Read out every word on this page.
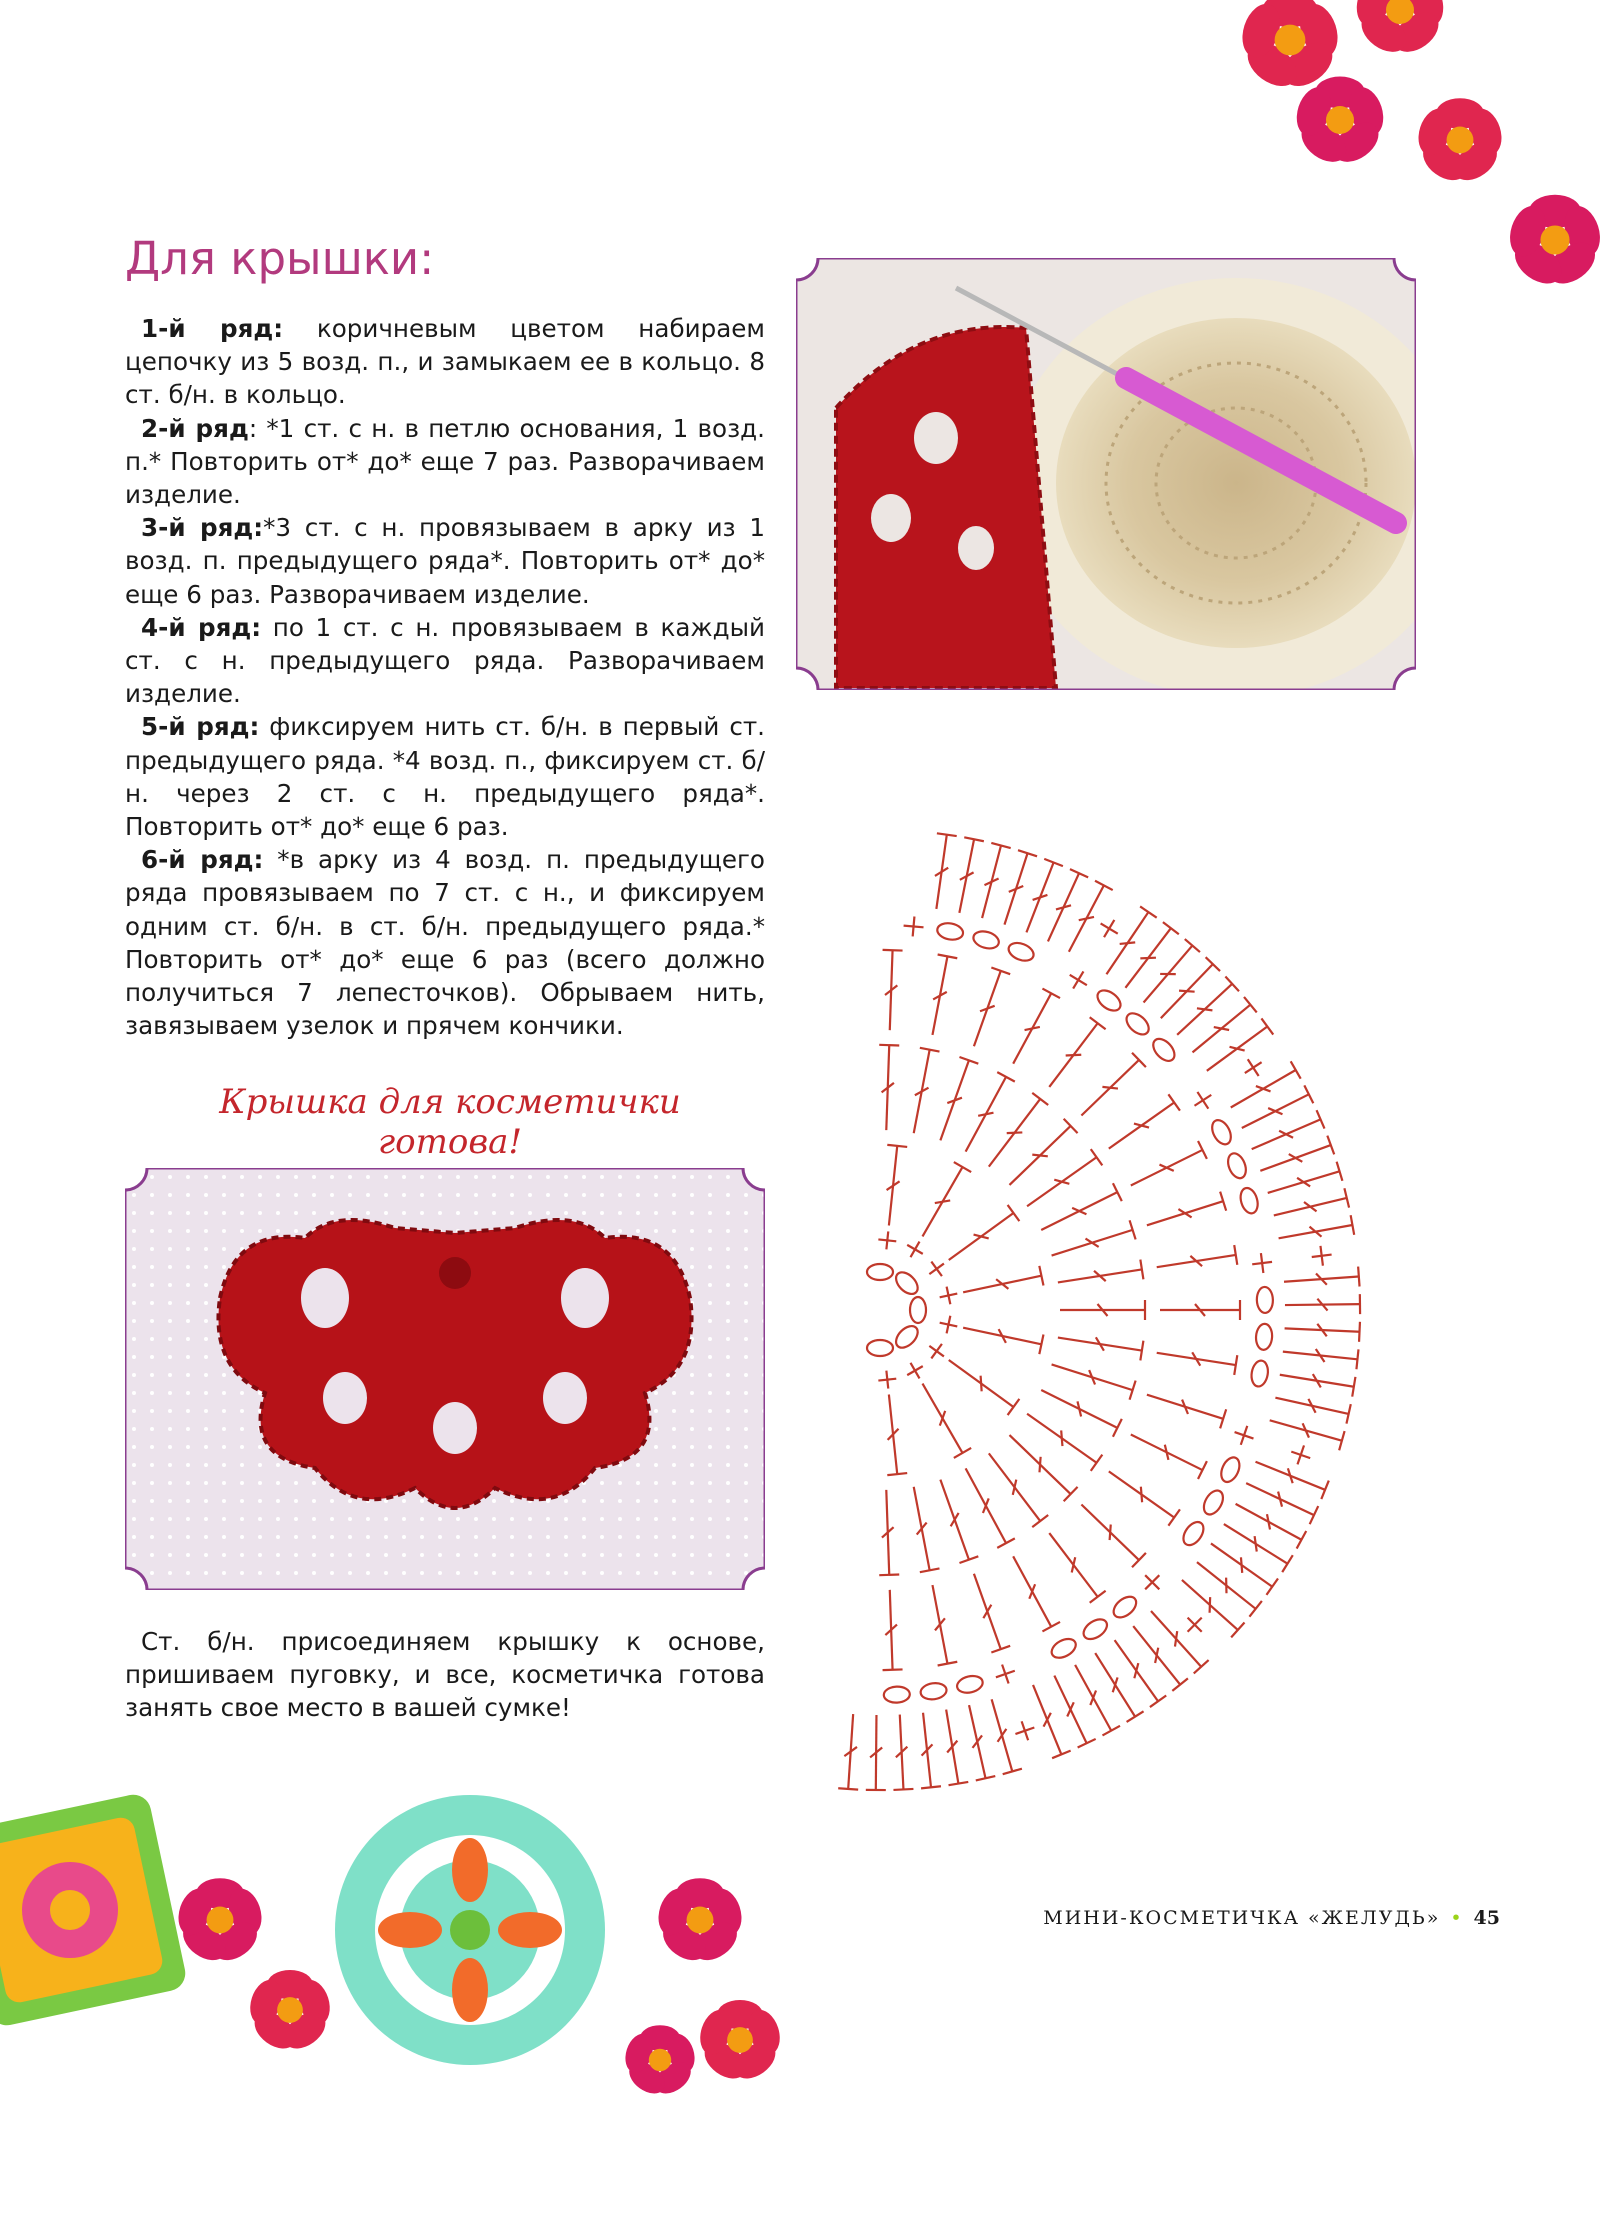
Для крышки:

1-й ряд: коричневым цветом набираем цепочку из 5 возд. п., и замыкаем ее в кольцо. 8 ст. б/н. в кольцо.

2-й ряд: *1 ст. с н. в петлю основания, 1 возд. п.* Повторить от* до* еще 7 раз. Разворачиваем изделие.

3-й ряд:*3 ст. с н. провязываем в арку из 1 возд. п. предыдущего ряда*. Повторить от* до* еще 6 раз. Разворачиваем изделие.

4-й ряд: по 1 ст. с н. провязываем в каждый ст. с н. предыдущего ряда. Разворачиваем изделие.

5-й ряд: фиксируем нить ст. б/н. в первый ст. предыдущего ряда. *4 возд. п., фиксируем ст. б/н. через 2 ст. с н. предыдущего ряда*. Повторить от* до* еще 6 раз.

6-й ряд: *в арку из 4 возд. п. предыдущего ряда провязываем по 7 ст. с н., и фиксируем одним ст. б/н. в ст. б/н. предыдущего ряда.* Повторить от* до* еще 6 раз (всего должно получиться 7 лепесточков). Обрываем нить, завязываем узелок и прячем кончики.

Крышка для косметички готова!

Ст. б/н. присоединяем крышку к основе, пришиваем пуговку, и все, косметичка готова занять свое место в вашей сумке!

МИНИ-КОСМЕТИЧКА «ЖЕЛУДЬ» • 45
